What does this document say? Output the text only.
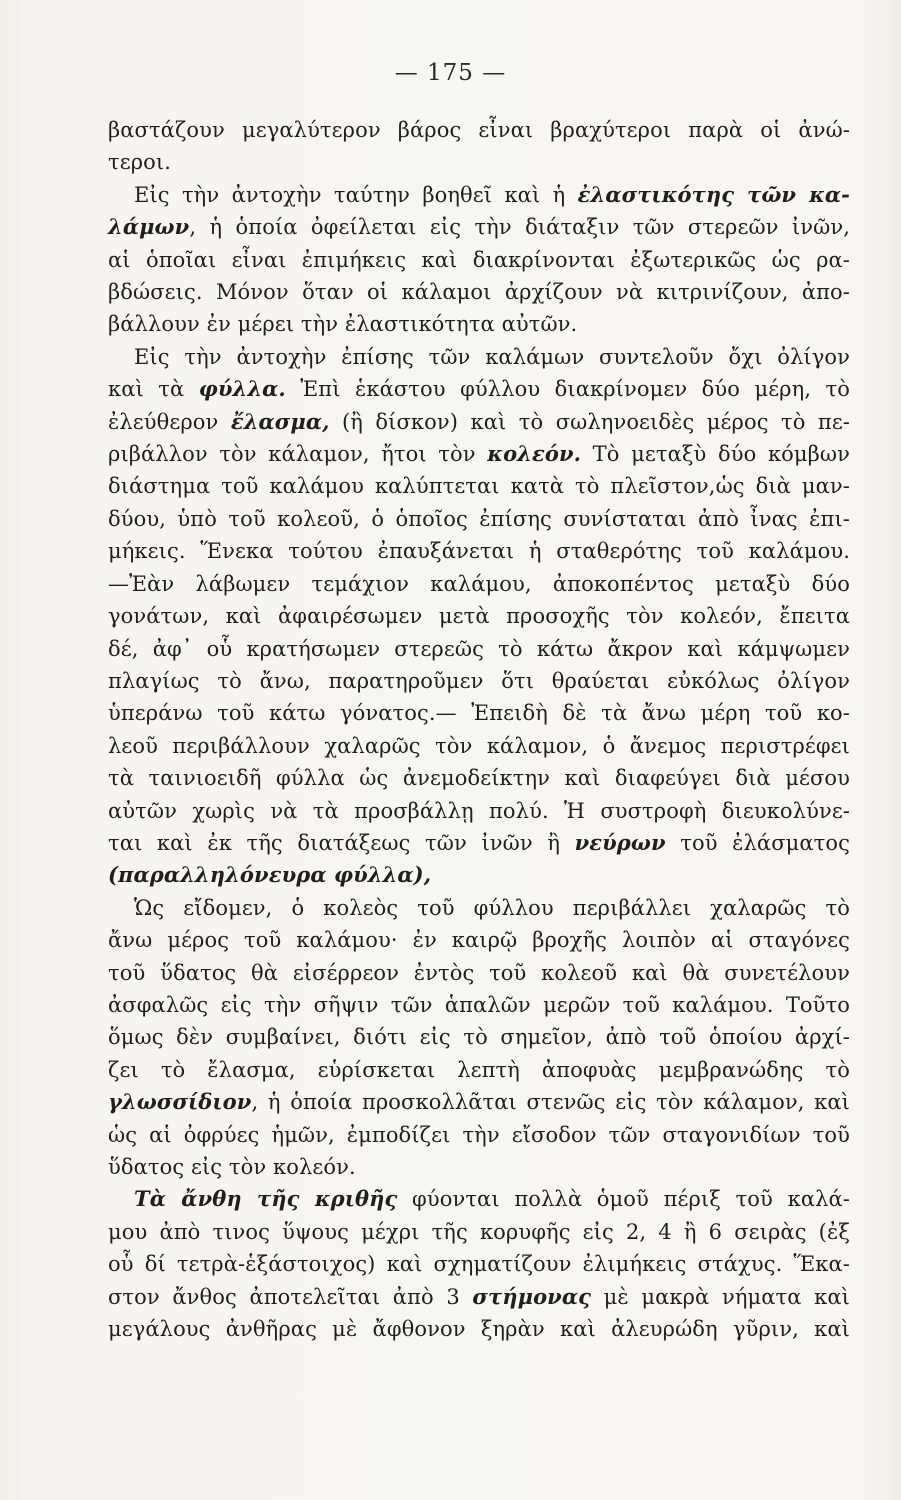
— 175 —
βαστάζουν μεγαλύτερον βάρος εἶναι βραχύτεροι παρὰ οἱ ἀνώ-
τεροι.
Εἰς τὴν ἀντοχὴν ταύτην βοηθεῖ καὶ ἡ ἐλαστικότης τῶν κα-
λάμων, ἡ ὁποία ὀφείλεται εἰς τὴν διάταξιν τῶν στερεῶν ἰνῶν,
αἱ ὁποῖαι εἶναι ἐπιμήκεις καὶ διακρίνονται ἐξωτερικῶς ὡς ρα-
βδώσεις. Μόνον ὅταν οἱ κάλαμοι ἀρχίζουν νὰ κιτρινίζουν, ἀπο-
βάλλουν ἐν μέρει τὴν ἐλαστικότητα αὐτῶν.
Εἰς τὴν ἀντοχὴν ἐπίσης τῶν καλάμων συντελοῦν ὄχι ὀλίγον
καὶ τὰ φύλλα. Ἐπὶ ἑκάστου φύλλου διακρίνομεν δύο μέρη, τὸ
ἐλεύθερον ἔλασμα, (ἢ δίσκον) καὶ τὸ σωληνοειδὲς μέρος τὸ πε-
ριβάλλον τὸν κάλαμον, ἤτοι τὸν κολεόν. Τὸ μεταξὺ δύο κόμβων
διάστημα τοῦ καλάμου καλύπτεται κατὰ τὸ πλεῖστον,ὡς διὰ μαν-
δύου, ὑπὸ τοῦ κολεοῦ, ὁ ὁποῖος ἐπίσης συνίσταται ἀπὸ ἶνας ἐπι-
μήκεις. Ἕνεκα τούτου ἐπαυξάνεται ἡ σταθερότης τοῦ καλάμου.
—Ἐὰν λάβωμεν τεμάχιον καλάμου, ἀποκοπέντος μεταξὺ δύο
γονάτων, καὶ ἀφαιρέσωμεν μετὰ προσοχῆς τὸν κολεόν, ἔπειτα
δέ, ἀφ᾿ οὗ κρατήσωμεν στερεῶς τὸ κάτω ἄκρον καὶ κάμψωμεν
πλαγίως τὸ ἄνω, παρατηροῦμεν ὅτι θραύεται εὐκόλως ὀλίγον
ὑπεράνω τοῦ κάτω γόνατος.— Ἐπειδὴ δὲ τὰ ἄνω μέρη τοῦ κο-
λεοῦ περιβάλλουν χαλαρῶς τὸν κάλαμον, ὁ ἄνεμος περιστρέφει
τὰ ταινιοειδῆ φύλλα ὡς ἀνεμοδείκτην καὶ διαφεύγει διὰ μέσου
αὐτῶν χωρὶς νὰ τὰ προσβάλλῃ πολύ. Ἡ συστροφὴ διευκολύνε-
ται καὶ ἐκ τῆς διατάξεως τῶν ἰνῶν ἢ νεύρων τοῦ ἐλάσματος
(παραλληλόνευρα φύλλα),
Ὡς εἴδομεν, ὁ κολεὸς τοῦ φύλλου περιβάλλει χαλαρῶς τὸ
ἄνω μέρος τοῦ καλάμου· ἐν καιρῷ βροχῆς λοιπὸν αἱ σταγόνες
τοῦ ὕδατος θὰ εἰσέρρεον ἐντὸς τοῦ κολεοῦ καὶ θὰ συνετέλουν
ἀσφαλῶς εἰς τὴν σῆψιν τῶν ἁπαλῶν μερῶν τοῦ καλάμου. Τοῦτο
ὅμως δὲν συμβαίνει, διότι εἰς τὸ σημεῖον, ἀπὸ τοῦ ὁποίου ἀρχί-
ζει τὸ ἔλασμα, εὑρίσκεται λεπτὴ ἀποφυὰς μεμβρανώδης τὸ
γλωσσίδιον, ἡ ὁποία προσκολλᾶται στενῶς εἰς τὸν κάλαμον, καὶ
ὡς αἱ ὀφρύες ἡμῶν, ἐμποδίζει τὴν εἴσοδον τῶν σταγονιδίων τοῦ
ὕδατος εἰς τὸν κολεόν.
Τὰ ἄνθη τῆς κριθῆς φύονται πολλὰ ὁμοῦ πέριξ τοῦ καλά-
μου ἀπὸ τινος ὕψους μέχρι τῆς κορυφῆς εἰς 2, 4 ἢ 6 σειρὰς (ἐξ
οὗ δί τετρὰ-ἑξάστοιχος) καὶ σχηματίζουν ἐλιμήκεις στάχυς. Ἕκα-
στον ἄνθος ἀποτελεῖται ἀπὸ 3 στήμονας μὲ μακρὰ νήματα καὶ
μεγάλους ἀνθῆρας μὲ ἄφθονον ξηρὰν καὶ ἀλευρώδη γῦριν, καὶ
